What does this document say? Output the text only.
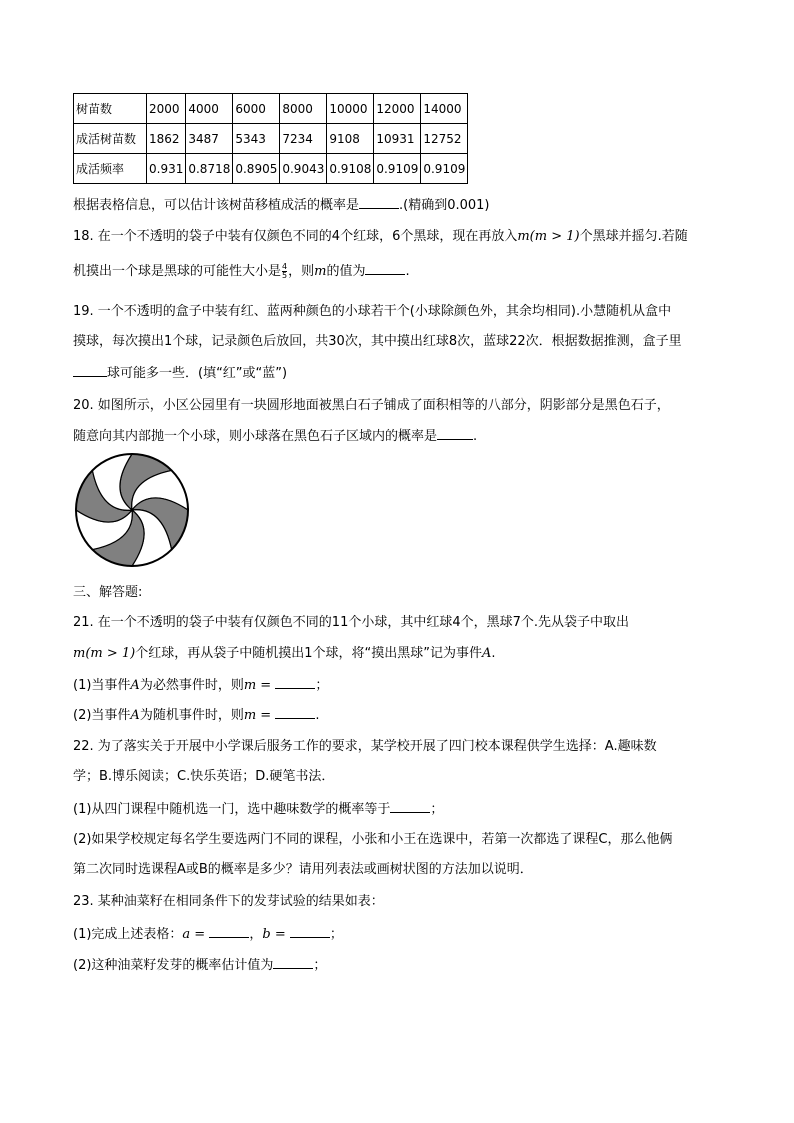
树苗数	2000	4000	6000	8000	10000	12000	14000
成活树苗数	1862	3487	5343	7234	9108	10931	12752
成活频率	0.931	0.8718	0.8905	0.9043	0.9108	0.9109	0.9109
根据表格信息，可以估计该树苗移植成活的概率是	.(精确到0.001)
18. 在一个不透明的袋子中装有仅颜色不同的4个红球，6个黑球，现在再放入m(m > 1)个黑球并摇匀.若随
机摸出一个球是黑球的可能性大小是 $\frac{4}{5}$ ，则m的值为	.
19. 一个不透明的盒子中装有红、蓝两种颜色的小球若干个(小球除颜色外，其余均相同).小慧随机从盒中
摸球，每次摸出1个球，记录颜色后放回，共30次，其中摸出红球8次，蓝球22次．根据数据推测，盒子里
球可能多一些．(填“红”或“蓝”)
20. 如图所示，小区公园里有一块圆形地面被黑白石子铺成了面积相等的八部分，阴影部分是黑色石子，
随意向其内部抛一个小球，则小球落在黑色石子区域内的概率是	.
三、解答题:
21. 在一个不透明的袋子中装有仅颜色不同的11个小球，其中红球4个，黑球7个.先从袋子中取出
m(m > 1)个红球，再从袋子中随机摸出1个球，将“摸出黑球”记为事件A.
(1)当事件A为必然事件时，则m =	；
(2)当事件A为随机事件时，则m =	.
22. 为了落实关于开展中小学课后服务工作的要求，某学校开展了四门校本课程供学生选择：A.趣味数
学；B.博乐阅读；C.快乐英语；D.硬笔书法．
(1)从四门课程中随机选一门，选中趣味数学的概率等于	；
(2)如果学校规定每名学生要选两门不同的课程，小张和小王在选课中，若第一次都选了课程C，那么他俩
第二次同时选课程A或B的概率是多少？请用列表法或画树状图的方法加以说明．
23. 某种油菜籽在相同条件下的发芽试验的结果如表：
(1)完成上述表格：a =	，b =	；
(2)这种油菜籽发芽的概率估计值为	；
